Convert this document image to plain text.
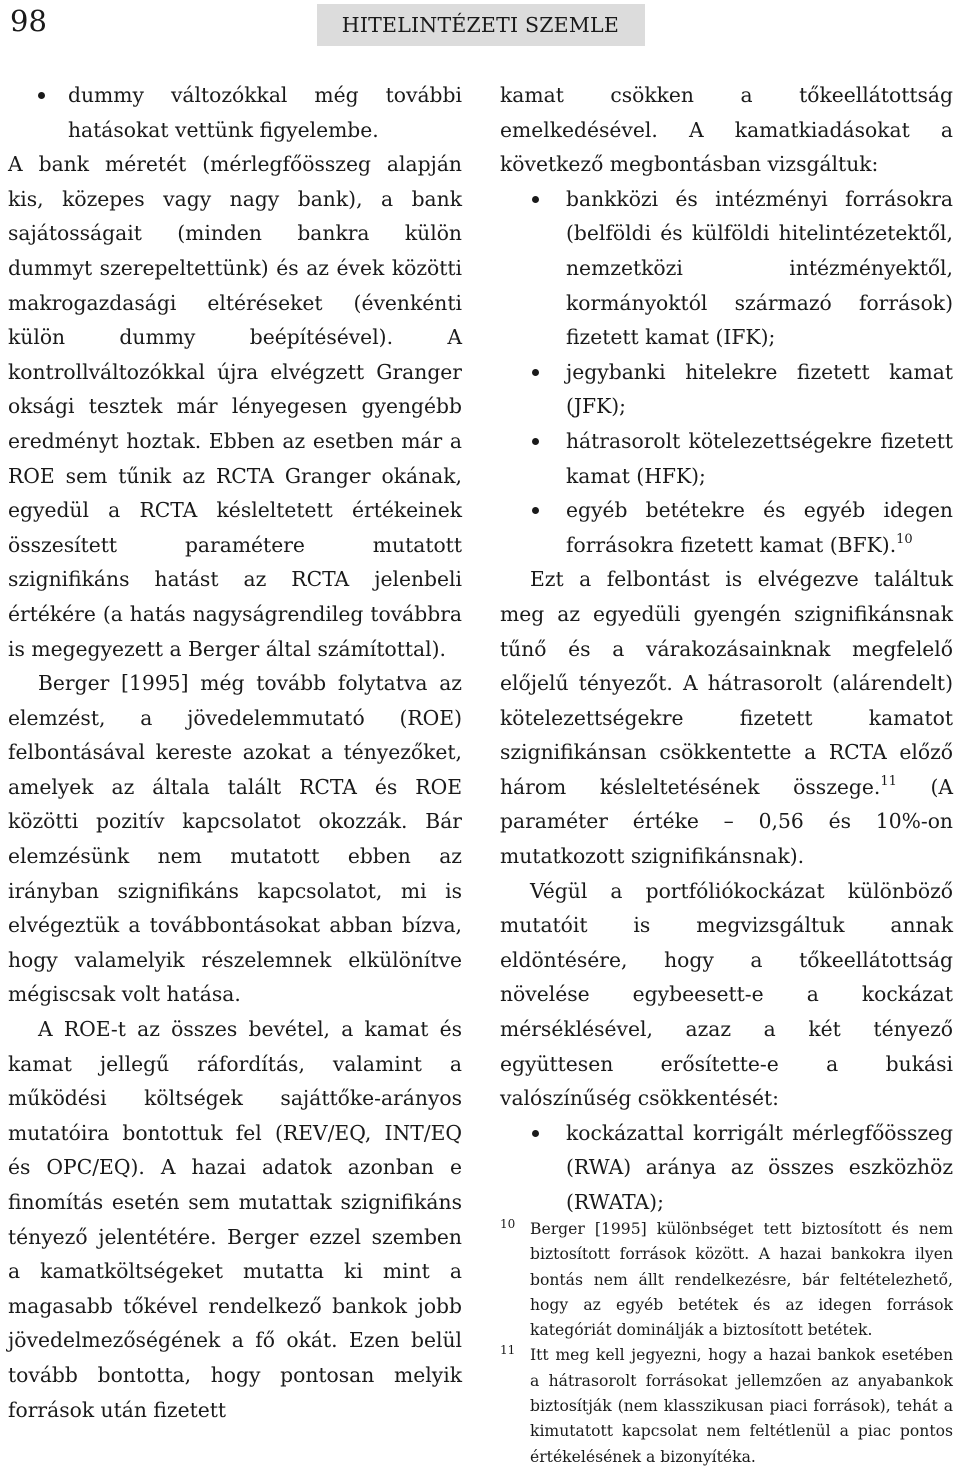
98	HITELINTÉZETI SZEMLE
dummy változókkal még további hatásokat vettünk figyelembe.

A bank méretét (mérlegfőösszeg alapján kis, közepes vagy nagy bank), a bank sajátosságait (minden bankra külön dummyt szerepeltettünk) és az évek közötti makrogazdasági eltéréseket (évenkénti külön dummy beépítésével). A kontrollváltozókkal újra elvégzett Granger oksági tesztek már lényegesen gyengébb eredményt hoztak. Ebben az esetben már a ROE sem tűnik az RCTA Granger okának, egyedül a RCTA késleltetett értékeinek összesített paramétere mutatott szignifikáns hatást az RCTA jelenbeli értékére (a hatás nagyságrendileg továbbra is megegyezett a Berger által számítottal).

Berger [1995] még tovább folytatva az elemzést, a jövedelemmutató (ROE) felbontásával kereste azokat a tényezőket, amelyek az általa talált RCTA és ROE közötti pozitív kapcsolatot okozzák. Bár elemzésünk nem mutatott ebben az irányban szignifikáns kapcsolatot, mi is elvégeztük a továbbontásokat abban bízva, hogy valamelyik részelemnek elkülönítve mégiscsak volt hatása.

A ROE-t az összes bevétel, a kamat és kamat jellegű ráfordítás, valamint a működési költségek sajáttőke-arányos mutatóira bontottuk fel (REV/EQ, INT/EQ és OPC/EQ). A hazai adatok azonban e finomítás esetén sem mutattak szignifikáns tényező jelentétére. Berger ezzel szemben a kamatköltségeket mutatta ki mint a magasabb tőkével rendelkező bankok jobb jövedelmezőségének a fő okát. Ezen belül tovább bontotta, hogy pontosan melyik források után fizetett

kamat csökken a tőkeellátottság emelkedésével. A kamatkiadásokat a következő megbontásban vizsgáltuk:

bankközi és intézményi forrásokra (belföldi és külföldi hitelintézetektől, nemzetközi intézményektől, kormányoktól származó források) fizetett kamat (IFK);
jegybanki hitelekre fizetett kamat (JFK);
hátrasorolt kötelezettségekre fizetett kamat (HFK);
egyéb betétekre és egyéb idegen forrásokra fizetett kamat (BFK).$^{10}$

Ezt a felbontást is elvégezve találtuk meg az egyedüli gyengén szignifikánsnak tűnő és a várakozásainknak megfelelő előjelű tényezőt. A hátrasorolt (alárendelt) kötelezettségekre fizetett kamatot szignifikánsan csökkentette a RCTA előző három késleltetésének összege.$^{11}$ (A paraméter értéke – 0,56 és 10%-on mutatkozott szignifikánsnak).

Végül a portfóliókockázat különböző mutatóit is megvizsgáltuk annak eldöntésére, hogy a tőkeellátottság növelése egybeesett-e a kockázat mérséklésével, azaz a két tényező együttesen erősítette-e a bukási valószínűség csökkentését:

kockázattal korrigált mérlegfőösszeg (RWA) aránya az összes eszközhöz (RWATA);
10 Berger [1995] különbséget tett biztosított és nem biztosított források között. A hazai bankokra ilyen bontás nem állt rendelkezésre, bár feltételezhető, hogy az egyéb betétek és az idegen források kategóriát dominálják a biztosított betétek.
11 Itt meg kell jegyezni, hogy a hazai bankok esetében a hátrasorolt forrásokat jellemzően az anyabankok biztosítják (nem klasszikusan piaci források), tehát a kimutatott kapcsolat nem feltétlenül a piac pontos értékelésének a bizonyítéka.
